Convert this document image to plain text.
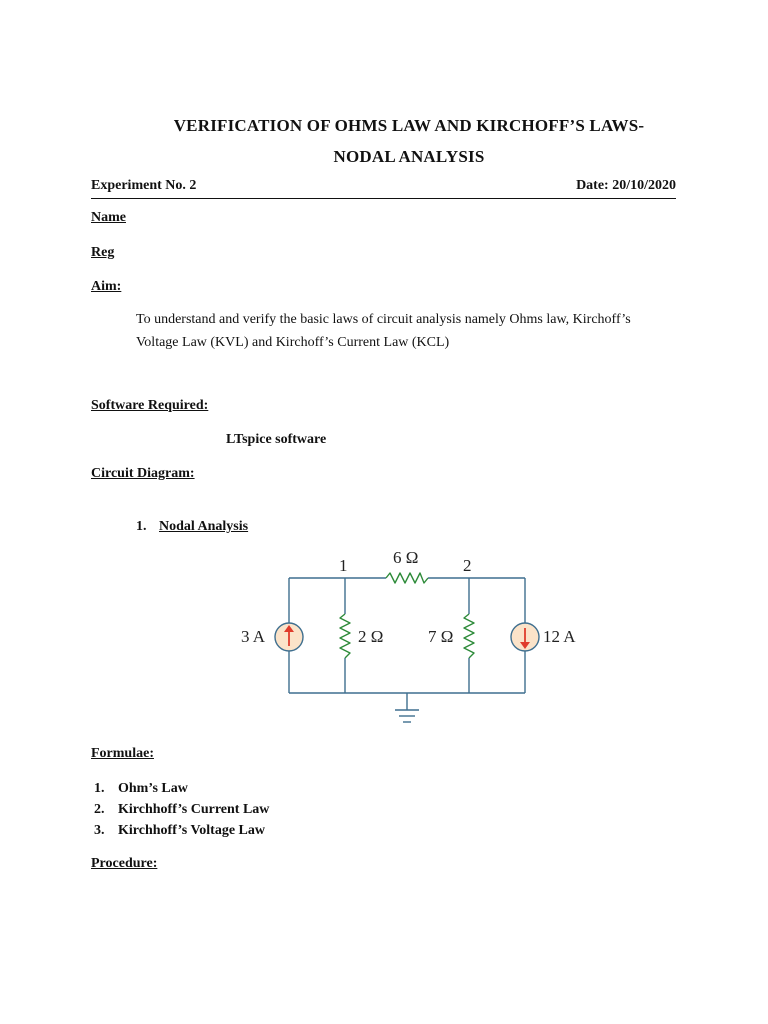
VERIFICATION OF OHMS LAW AND KIRCHOFF’S LAWS-
NODAL ANALYSIS
Experiment No. 2	Date: 20/10/2020
Name
Reg
Aim:
To understand and verify the basic laws of circuit analysis namely Ohms law, Kirchoff’s
Voltage Law (KVL) and Kirchoff’s Current Law (KCL)
Software Required:
LTspice software
Circuit Diagram:
1. Nodal Analysis
1	2
6 Ω
2 Ω	7 Ω
3 A	12 A
Formulae:
1. Ohm’s Law
2. Kirchhoff’s Current Law
3. Kirchhoff’s Voltage Law
Procedure:
